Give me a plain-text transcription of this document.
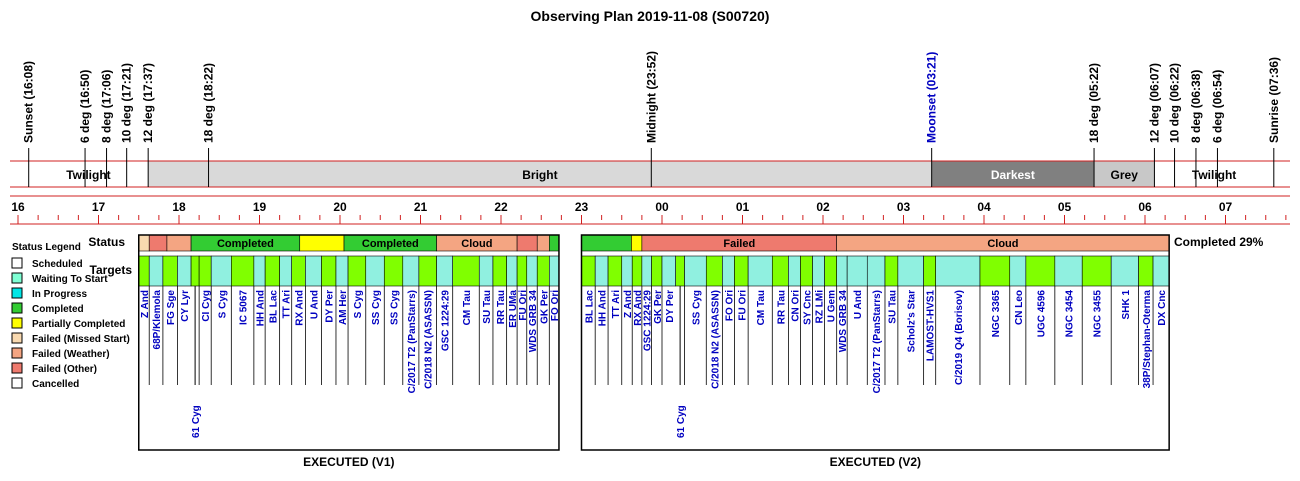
Observing Plan 2019-11-08 (S00720)
Twilight	Bright	Darkest	Grey	Twilight
Sunset (16:08)	6 deg (16:50) 8 deg (17:06) 10 deg (17:21) 12 deg (17:37)	18 deg (18:22)	Midnight (23:52)	Moonset (03:21)	18 deg (05:22)	12 deg (06:07) 10 deg (06:22) 8 deg (06:38) 6 deg (06:54)	Sunrise (07:36)
16	17	18	19	20	21	22	23	00	01	02	03	04	05	06	07
Status Legend
Scheduled
Waiting To Start
In Progress
Completed
Partially Completed
Failed (Missed Start)
Failed (Weather)
Failed (Other)
Cancelled
Completed	Completed	Cloud
Z And 68P/Klemola FG Sge CY Lyr
61 Cyg
CI Cyg S Cyg IC 5067 HH And BL Lac TT Ari RX And U And DY Per AM Her S Cyg SS Cyg SS Cyg C/2017 T2 (PanStarrs) C/2018 N2 (ASASSN) GSC 1224:29 CM Tau SU Tau RR Tau ER UMa FU Ori WDS GRB 34 GK Per FO Ori
EXECUTED (V1)
Failed	Cloud
BL Lac HH And TT Ari Z And RX And
GSC 1224:29 GK Per DY Per
61 Cyg
SS Cyg C/2018 N2 (ASASSN) FO Ori FU Ori CM Tau RR Tau CN Ori SY Cnc RZ LMi U Gem WDS GRB 34 U And C/2017 T2 (PanStarrs) SU Tau Scholz's Star LAMOST-HVS1 C/2019 Q4 (Borisov)	NGC 3365 CN Leo UGC 4596 NGC 3454 NGC 3455 SHK 1 38P/Stephan-Oterma DX Cnc
EXECUTED (V2)
Status
Targets
Completed 29%
